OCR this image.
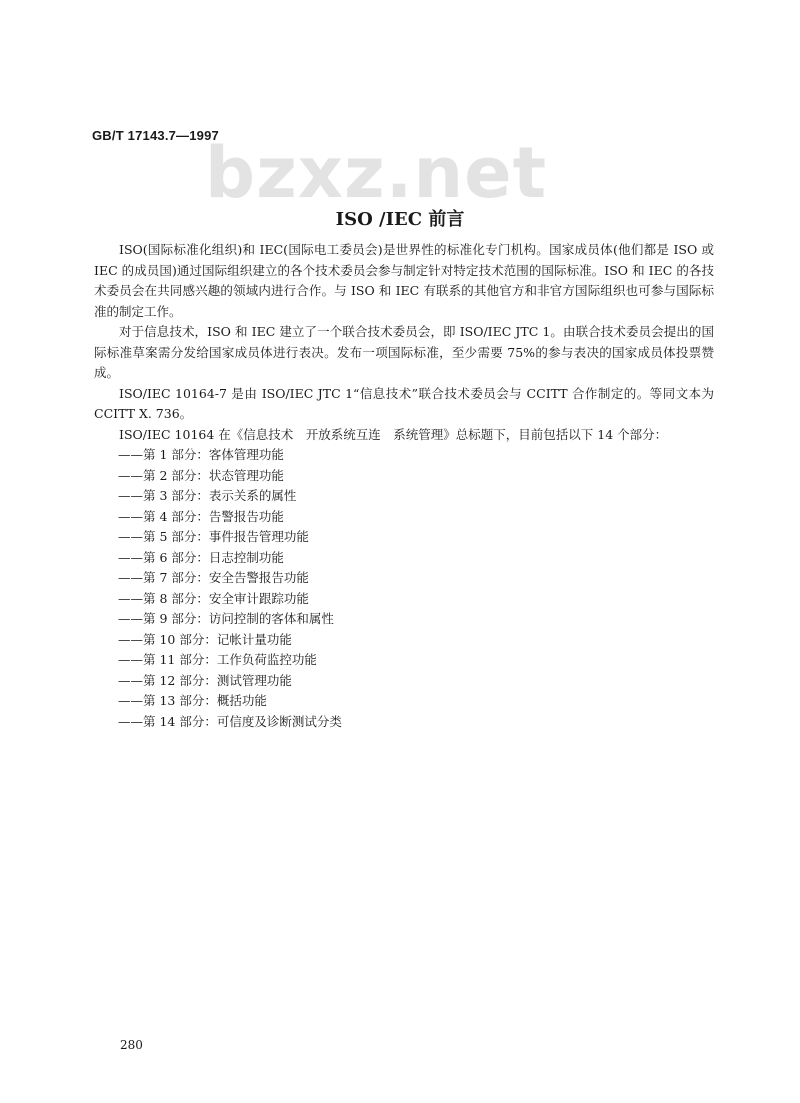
GB/T 17143.7—1997
bzxz.net
ISO /IEC 前言

ISO(国际标准化组织)和 IEC(国际电工委员会)是世界性的标准化专门机构。国家成员体(他们都是 ISO 或 IEC 的成员国)通过国际组织建立的各个技术委员会参与制定针对特定技术范围的国际标准。ISO 和 IEC 的各技术委员会在共同感兴趣的领域内进行合作。与 ISO 和 IEC 有联系的其他官方和非官方国际组织也可参与国际标准的制定工作。

对于信息技术，ISO 和 IEC 建立了一个联合技术委员会，即 ISO/IEC JTC 1。由联合技术委员会提出的国际标准草案需分发给国家成员体进行表决。发布一项国际标准，至少需要 75%的参与表决的国家成员体投票赞成。

ISO/IEC 10164-7 是由 ISO/IEC JTC 1“信息技术”联合技术委员会与 CCITT 合作制定的。等同文本为 CCITT X. 736。

ISO/IEC 10164 在《信息技术　开放系统互连　系统管理》总标题下，目前包括以下 14 个部分：

——第 1 部分：客体管理功能
——第 2 部分：状态管理功能
——第 3 部分：表示关系的属性
——第 4 部分：告警报告功能
——第 5 部分：事件报告管理功能
——第 6 部分：日志控制功能
——第 7 部分：安全告警报告功能
——第 8 部分：安全审计跟踪功能
——第 9 部分：访问控制的客体和属性
——第 10 部分：记帐计量功能
——第 11 部分：工作负荷监控功能
——第 12 部分：测试管理功能
——第 13 部分：概括功能
——第 14 部分：可信度及诊断测试分类
280
